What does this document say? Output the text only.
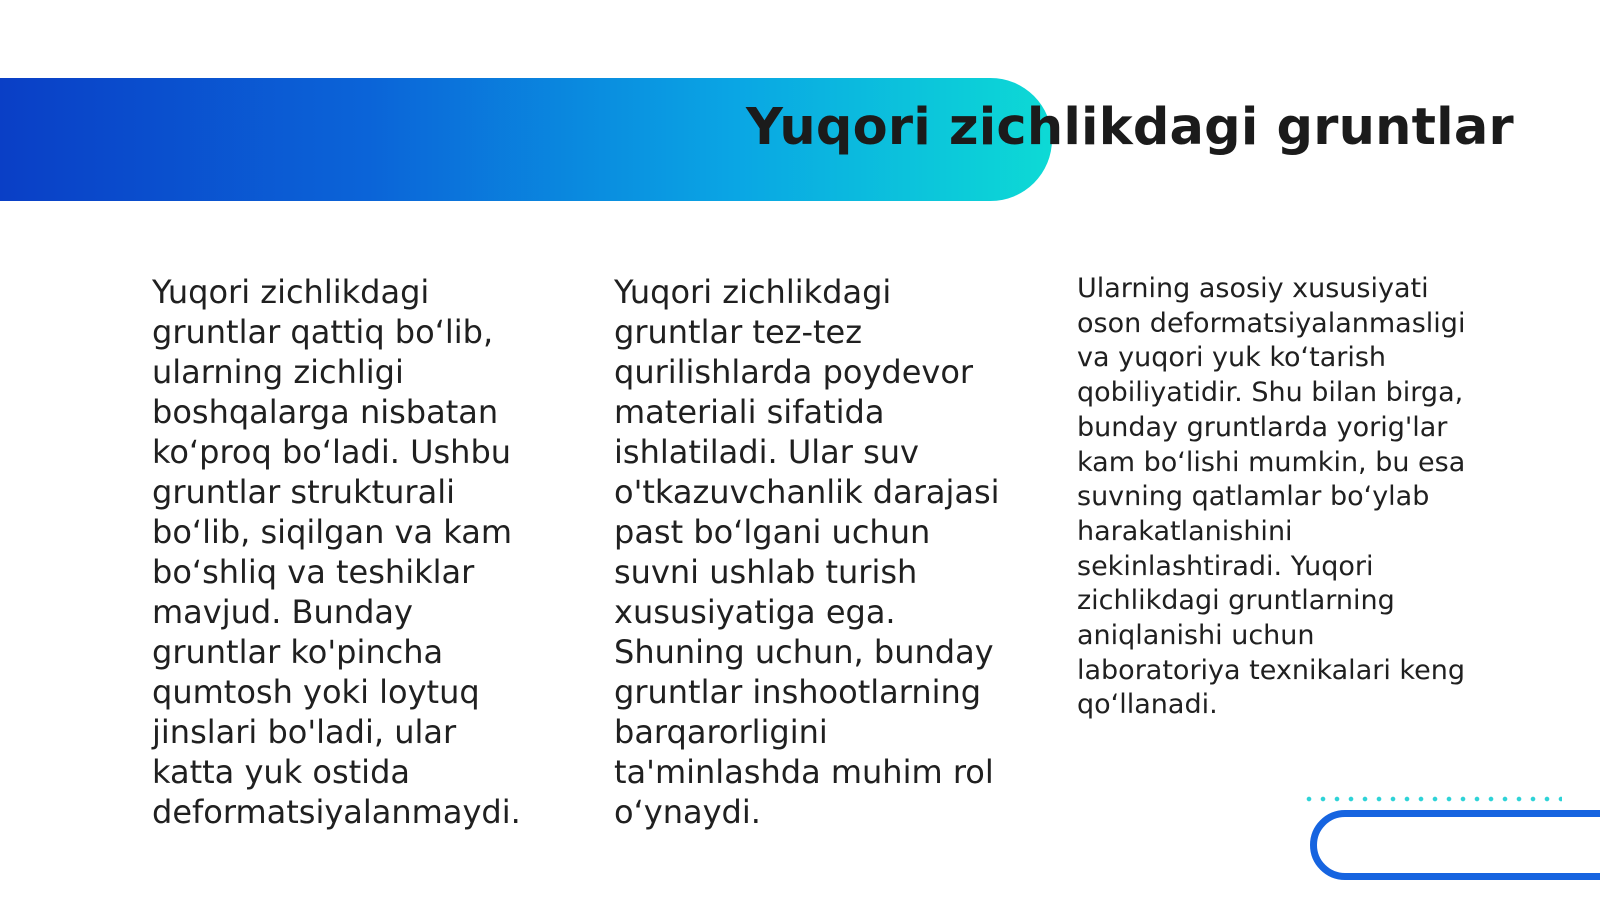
Yuqori zichlikdagi gruntlar

Yuqori zichlikdagi gruntlar qattiq bo‘lib, ularning zichligi boshqalarga nisbatan ko‘proq bo‘ladi. Ushbu gruntlar strukturali bo‘lib, siqilgan va kam bo‘shliq va teshiklar mavjud. Bunday gruntlar ko'pincha qumtosh yoki loytuq jinslari bo'ladi, ular katta yuk ostida deformatsiyalanmaydi.

Yuqori zichlikdagi gruntlar tez-tez qurilishlarda poydevor materiali sifatida ishlatiladi. Ular suv o'tkazuvchanlik darajasi past bo‘lgani uchun suvni ushlab turish xususiyatiga ega. Shuning uchun, bunday gruntlar inshootlarning barqarorligini ta'minlashda muhim rol o‘ynaydi.

Ularning asosiy xususiyati oson deformatsiyalanmasligi va yuqori yuk ko‘tarish qobiliyatidir. Shu bilan birga, bunday gruntlarda yorig'lar kam bo‘lishi mumkin, bu esa suvning qatlamlar bo‘ylab harakatlanishini sekinlashtiradi. Yuqori zichlikdagi gruntlarning aniqlanishi uchun laboratoriya texnikalari keng qo‘llanadi.
